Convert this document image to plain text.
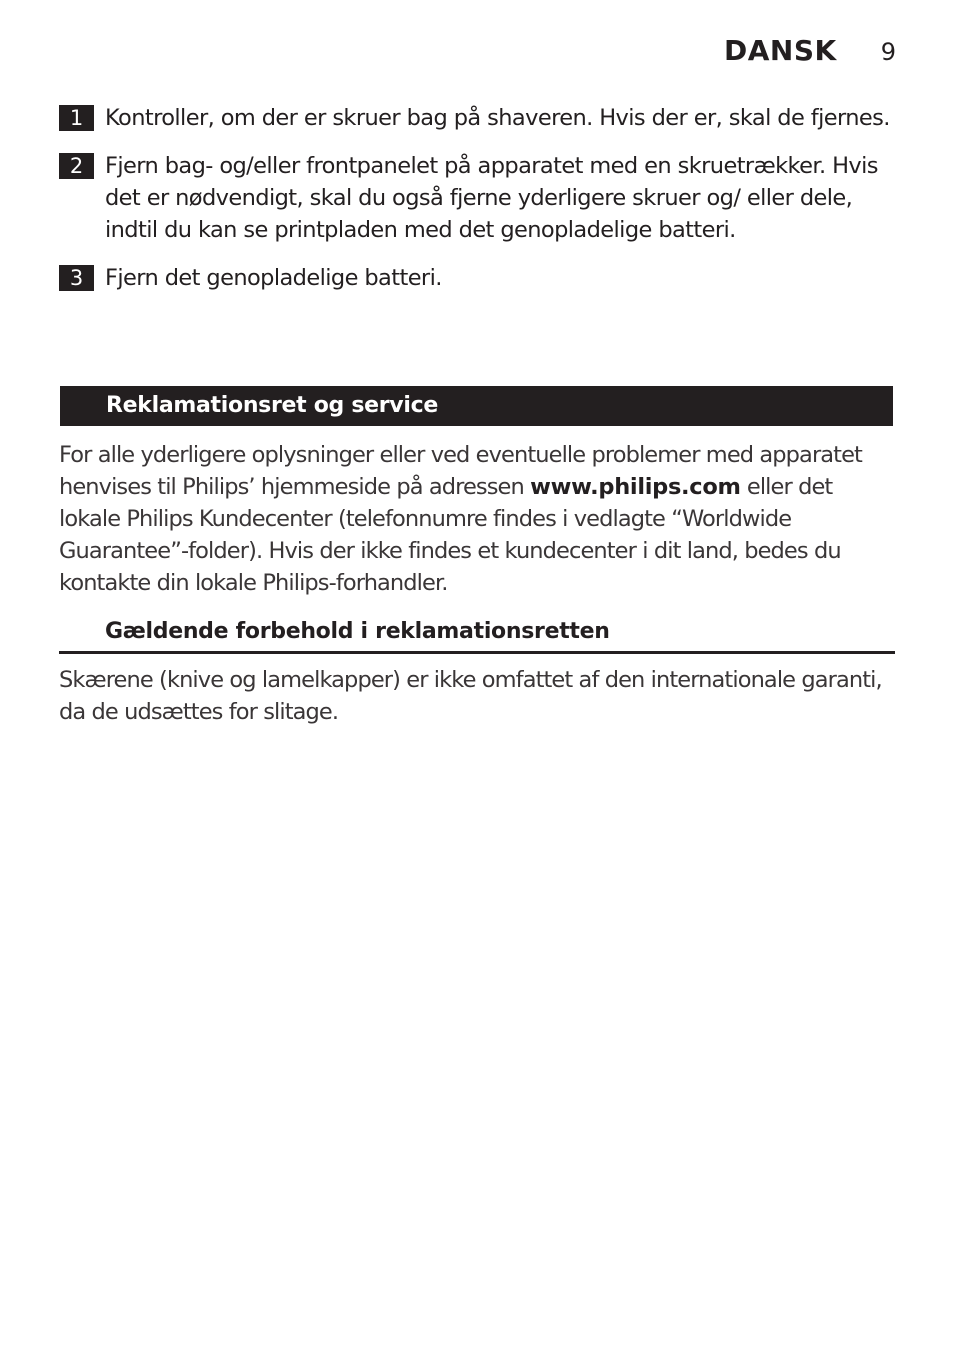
DANSK 9
1 Kontroller, om der er skruer bag på shaveren. Hvis der er, skal de fjernes.
2 Fjern bag- og/eller frontpanelet på apparatet med en skruetrækker. Hvis det er nødvendigt, skal du også fjerne yderligere skruer og/ eller dele, indtil du kan se printpladen med det genopladelige batteri.
3 Fjern det genopladelige batteri.
Reklamationsret og service
For alle yderligere oplysninger eller ved eventuelle problemer med apparatet henvises til Philips’ hjemmeside på adressen www.philips.com eller det lokale Philips Kundecenter (telefonnumre findes i vedlagte “Worldwide Guarantee”-folder). Hvis der ikke findes et kundecenter i dit land, bedes du kontakte din lokale Philips-forhandler.
Gældende forbehold i reklamationsretten
Skærene (knive og lamelkapper) er ikke omfattet af den internationale garanti, da de udsættes for slitage.
